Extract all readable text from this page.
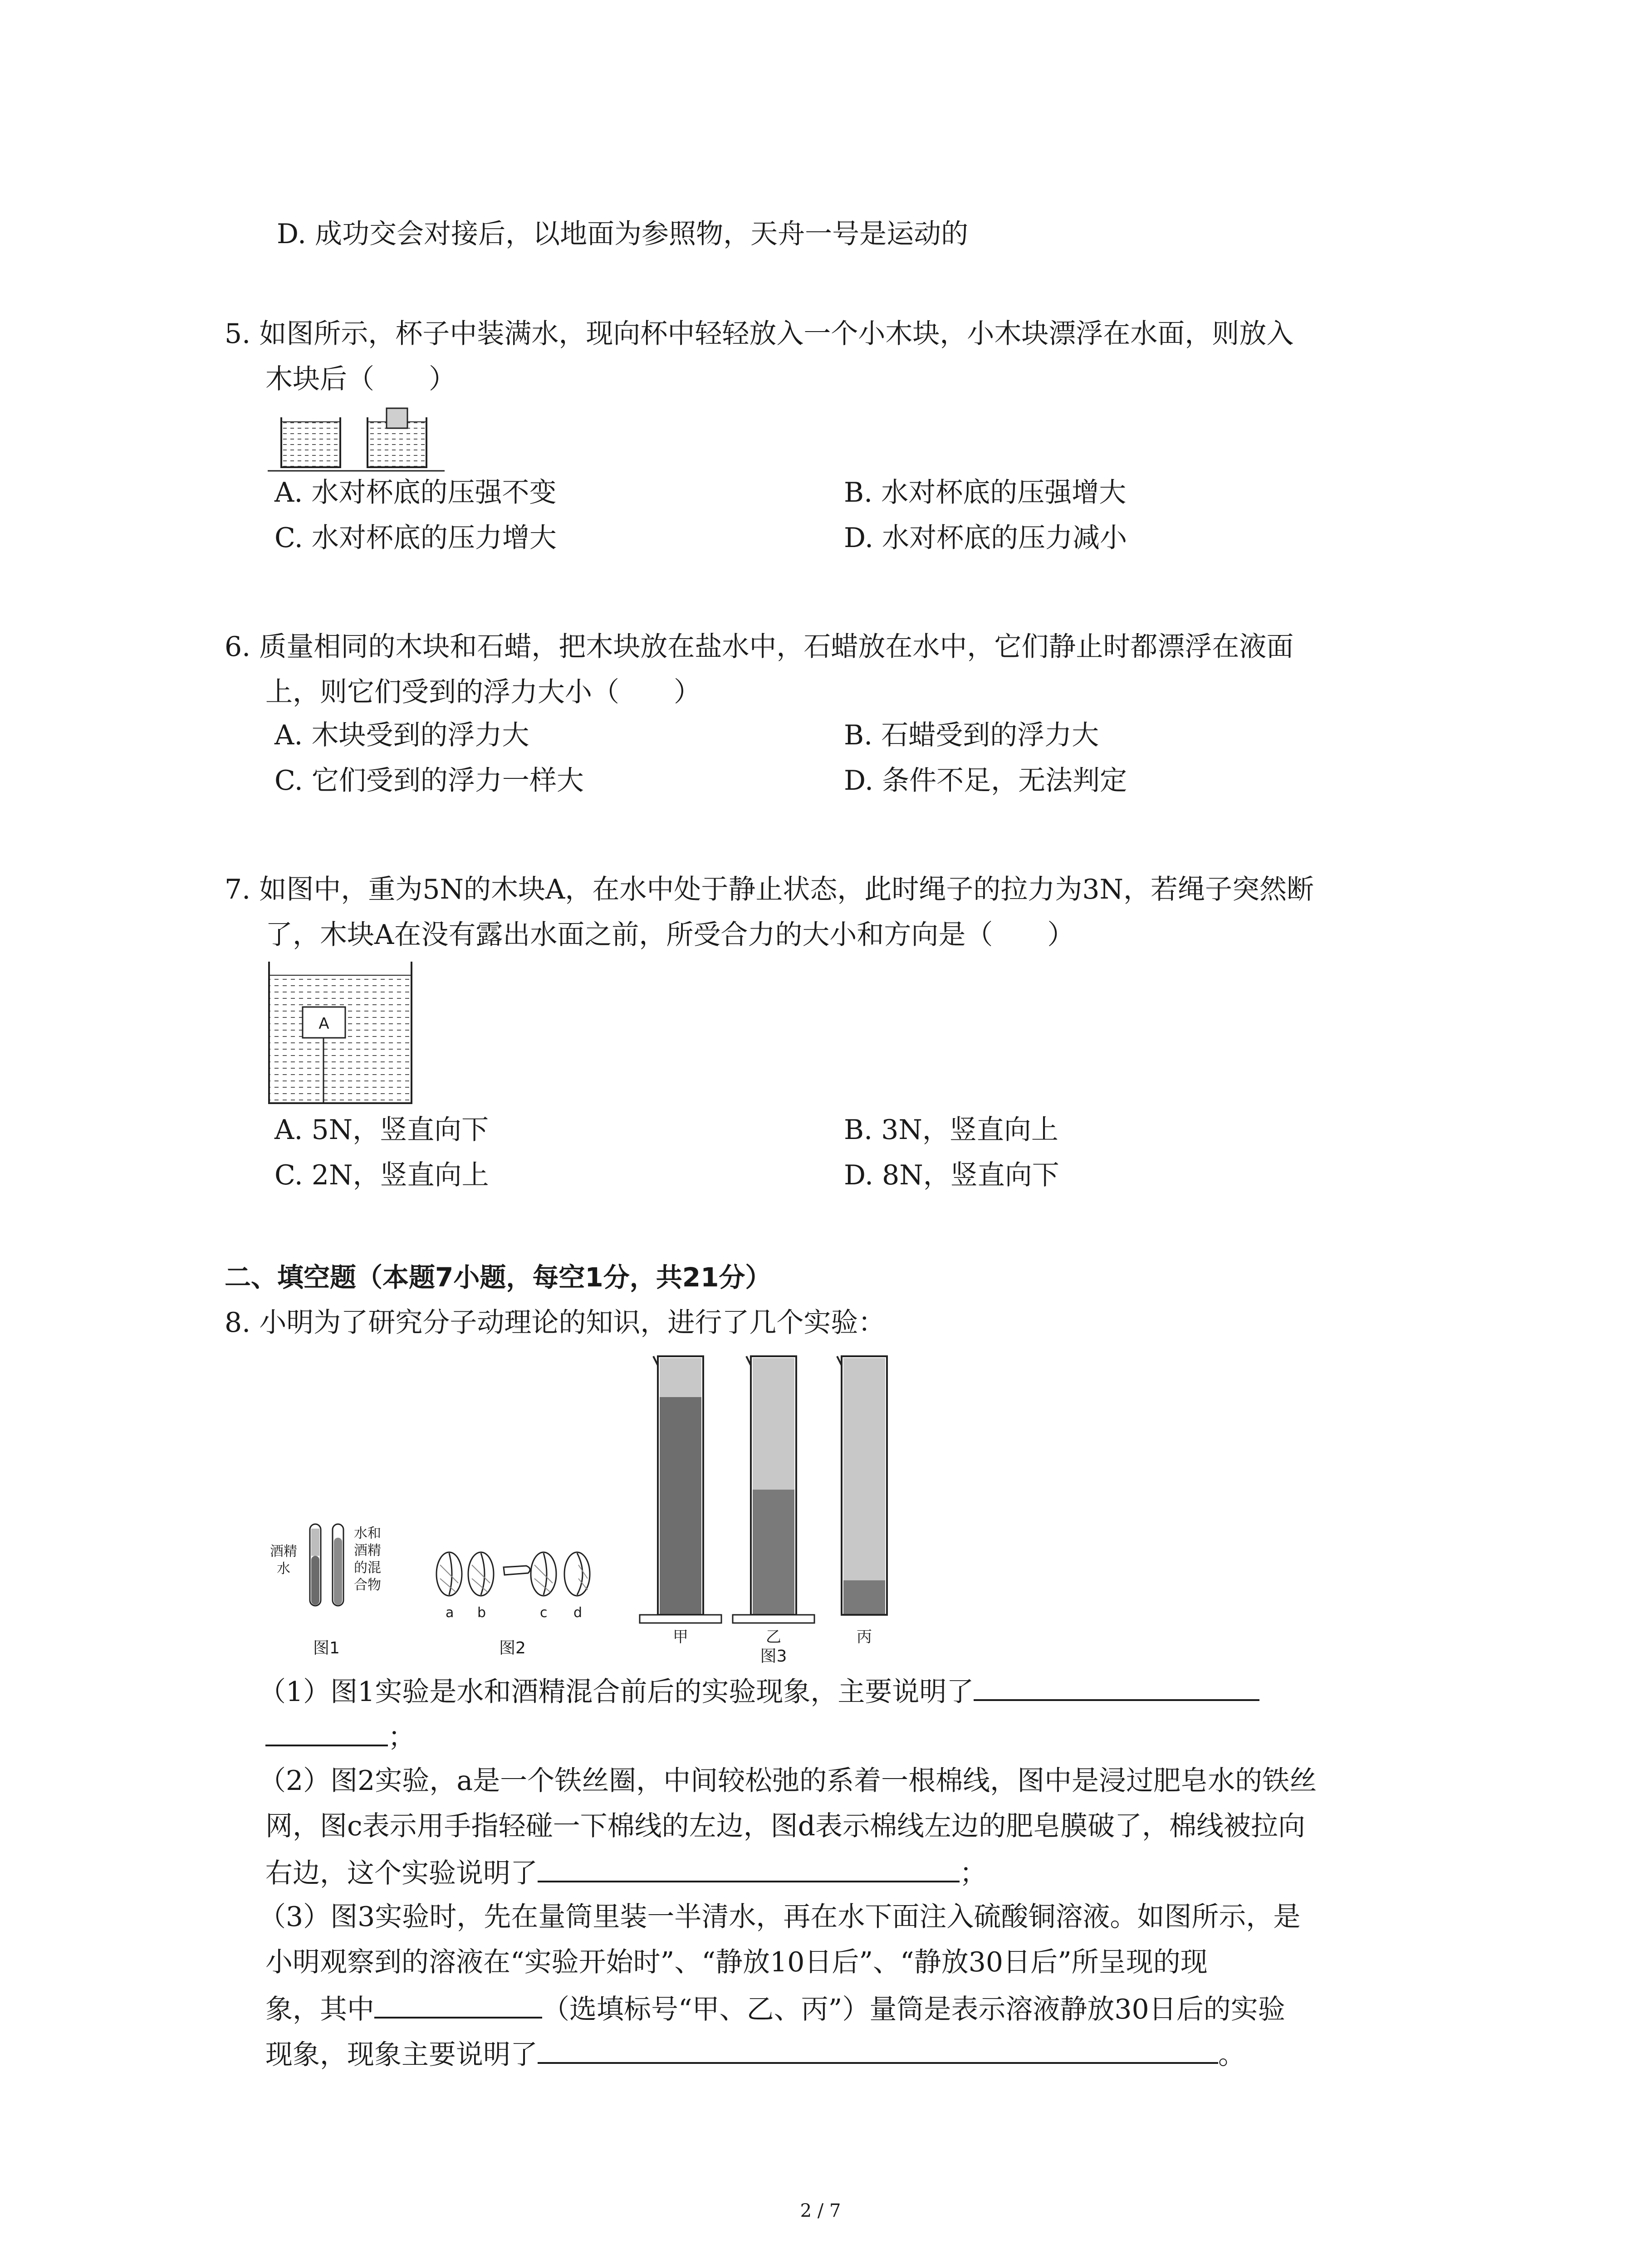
D. 成功交会对接后，以地面为参照物，天舟一号是运动的
5. 如图所示，杯子中装满水，现向杯中轻轻放入一个小木块，小木块漂浮在水面，则放入
木块后（　　）
A. 水对杯底的压强不变	B. 水对杯底的压强增大
C. 水对杯底的压力增大	D. 水对杯底的压力减小
6. 质量相同的木块和石蜡，把木块放在盐水中，石蜡放在水中，它们静止时都漂浮在液面
上，则它们受到的浮力大小（　　）
A. 木块受到的浮力大	B. 石蜡受到的浮力大
C. 它们受到的浮力一样大	D. 条件不足，无法判定
7. 如图中，重为5N的木块A，在水中处于静止状态，此时绳子的拉力为3N，若绳子突然断
了，木块A在没有露出水面之前，所受合力的大小和方向是（　　）
A
A. 5N，竖直向下	B. 3N，竖直向上
C. 2N，竖直向上	D. 8N，竖直向下
二、填空题（本题7小题，每空1分，共21分）
8. 小明为了研究分子动理论的知识，进行了几个实验：
酒精
水
水和
酒精
的混
合物
图1
a b	c d
图2
甲	乙	丙
图3
（1）图1实验是水和酒精混合前后的实验现象，主要说明了
；
（2）图2实验，a是一个铁丝圈，中间较松弛的系着一根棉线，图中是浸过肥皂水的铁丝
网，图c表示用手指轻碰一下棉线的左边，图d表示棉线左边的肥皂膜破了，棉线被拉向
右边，这个实验说明了	；
（3）图3实验时，先在量筒里装一半清水，再在水下面注入硫酸铜溶液。如图所示，是
小明观察到的溶液在“实验开始时”、“静放10日后”、“静放30日后”所呈现的现
象，其中	（选填标号“甲、乙、丙”）量筒是表示溶液静放30日后的实验
现象，现象主要说明了	。
2 / 7
